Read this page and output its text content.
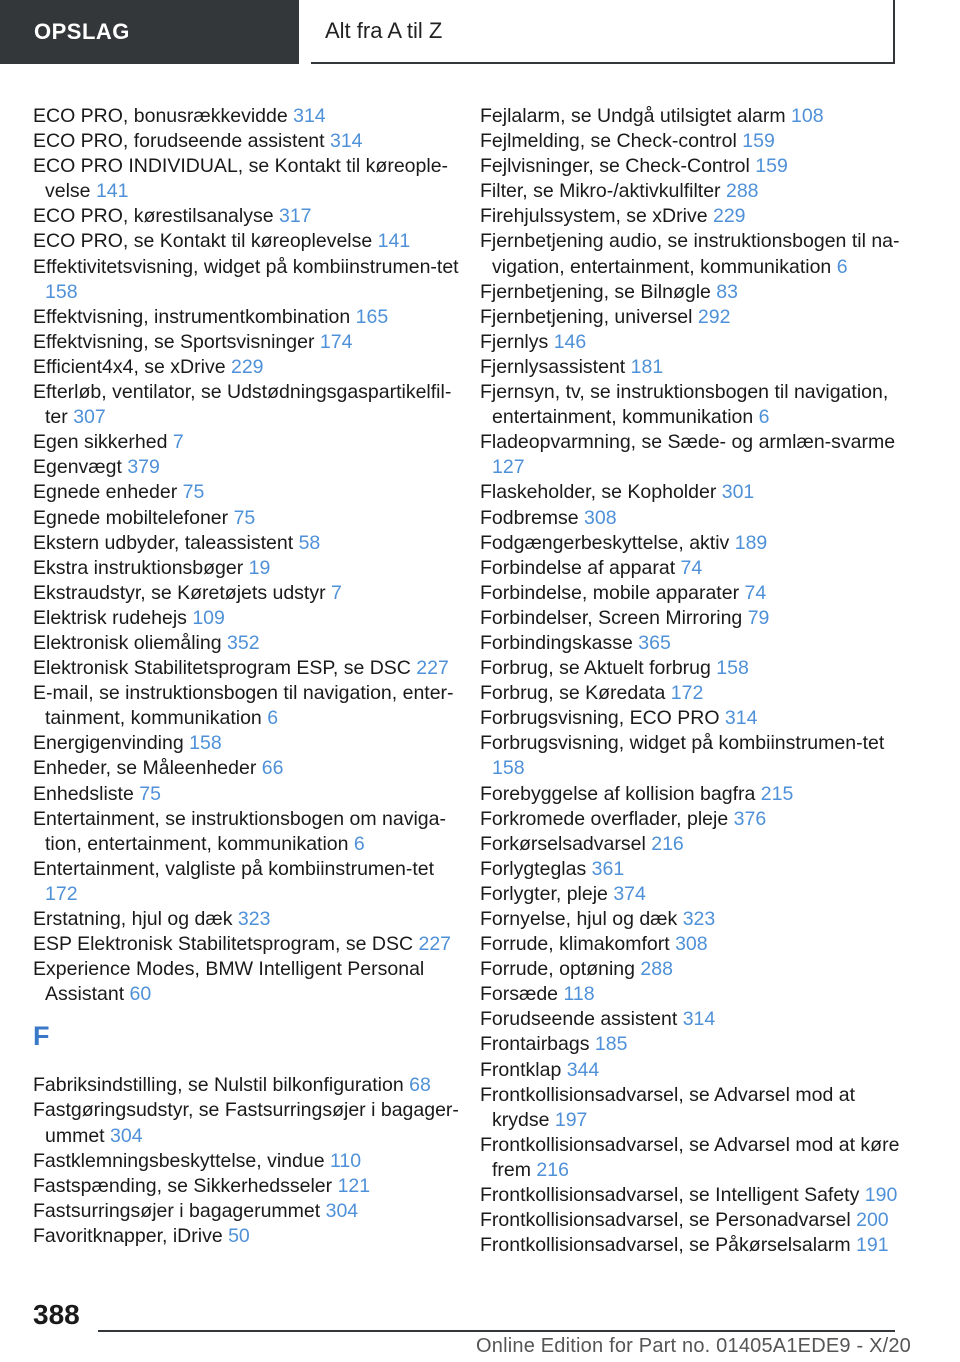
OPSLAG	Alt fra A til Z
ECO PRO, bonusrækkevidde 314
ECO PRO, forudseende assistent 314
ECO PRO INDIVIDUAL, se Kontakt til køreople-velse 141
ECO PRO, kørestilsanalyse 317
ECO PRO, se Kontakt til køreoplevelse 141
Effektivitetsvisning, widget på kombiinstrumen-tet 158
Effektvisning, instrumentkombination 165
Effektvisning, se Sportsvisninger 174
Efficient4x4, se xDrive 229
Efterløb, ventilator, se Udstødningsgaspartikelfil-ter 307
Egen sikkerhed 7
Egenvægt 379
Egnede enheder 75
Egnede mobiltelefoner 75
Ekstern udbyder, taleassistent 58
Ekstra instruktionsbøger 19
Ekstraudstyr, se Køretøjets udstyr 7
Elektrisk rudehejs 109
Elektronisk oliemåling 352
Elektronisk Stabilitetsprogram ESP, se DSC 227
E-mail, se instruktionsbogen til navigation, enter-tainment, kommunikation 6
Energigenvinding 158
Enheder, se Måleenheder 66
Enhedsliste 75
Entertainment, se instruktionsbogen om naviga-tion, entertainment, kommunikation 6
Entertainment, valgliste på kombiinstrumen-tet 172
Erstatning, hjul og dæk 323
ESP Elektronisk Stabilitetsprogram, se DSC 227
Experience Modes, BMW Intelligent Personal Assistant 60
F
Fabriksindstilling, se Nulstil bilkonfiguration 68
Fastgøringsudstyr, se Fastsurringsøjer i bagager-ummet 304
Fastklemningsbeskyttelse, vindue 110
Fastspænding, se Sikkerhedsseler 121
Fastsurringsøjer i bagagerummet 304
Favoritknapper, iDrive 50
Fejlalarm, se Undgå utilsigtet alarm 108
Fejlmelding, se Check-control 159
Fejlvisninger, se Check-Control 159
Filter, se Mikro-/aktivkulfilter 288
Firehjulssystem, se xDrive 229
Fjernbetjening audio, se instruktionsbogen til na-vigation, entertainment, kommunikation 6
Fjernbetjening, se Bilnøgle 83
Fjernbetjening, universel 292
Fjernlys 146
Fjernlysassistent 181
Fjernsyn, tv, se instruktionsbogen til navigation, entertainment, kommunikation 6
Fladeopvarmning, se Sæde- og armlæn-svarme 127
Flaskeholder, se Kopholder 301
Fodbremse 308
Fodgængerbeskyttelse, aktiv 189
Forbindelse af apparat 74
Forbindelse, mobile apparater 74
Forbindelser, Screen Mirroring 79
Forbindingskasse 365
Forbrug, se Aktuelt forbrug 158
Forbrug, se Køredata 172
Forbrugsvisning, ECO PRO 314
Forbrugsvisning, widget på kombiinstrumen-tet 158
Forebyggelse af kollision bagfra 215
Forkromede overflader, pleje 376
Forkørselsadvarsel 216
Forlygteglas 361
Forlygter, pleje 374
Fornyelse, hjul og dæk 323
Forrude, klimakomfort 308
Forrude, optøning 288
Forsæde 118
Forudseende assistent 314
Frontairbags 185
Frontklap 344
Frontkollisionsadvarsel, se Advarsel mod at krydse 197
Frontkollisionsadvarsel, se Advarsel mod at køre frem 216
Frontkollisionsadvarsel, se Intelligent Safety 190
Frontkollisionsadvarsel, se Personadvarsel 200
Frontkollisionsadvarsel, se Påkørselsalarm 191
388
Online Edition for Part no. 01405A1EDE9 - X/20
